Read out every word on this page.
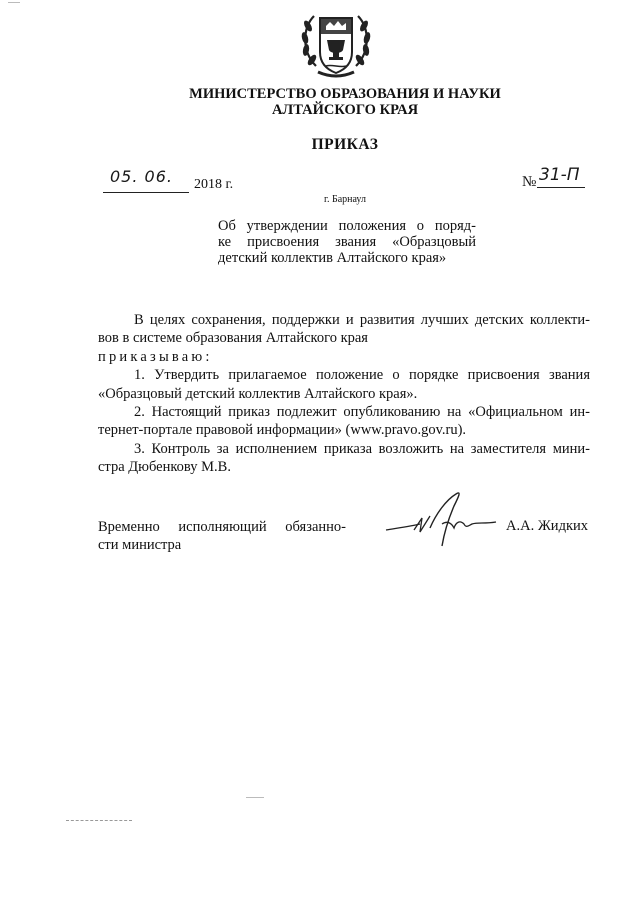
МИНИСТЕРСТВО ОБРАЗОВАНИЯ И НАУКИ
АЛТАЙСКОГО КРАЯ
ПРИКАЗ
05. 06. 2018 г.	№ 31-П
г. Барнаул
Об утверждении положения о поряд-
ке присвоения звания «Образцовый
детский коллектив Алтайского края»

В целях сохранения, поддержки и развития лучших детских коллекти-

вов в системе образования Алтайского края

приказываю:

1. Утвердить прилагаемое положение о порядке присвоения звания

«Образцовый детский коллектив Алтайского края».

2. Настоящий приказ подлежит опубликованию на «Официальном ин-

тернет-портале правовой информации» (www.pravo.gov.ru).

3. Контроль за исполнением приказа возложить на заместителя мини-

стра Дюбенкову М.В.

Временно исполняющий обязанно-
сти министра
А.А. Жидких
